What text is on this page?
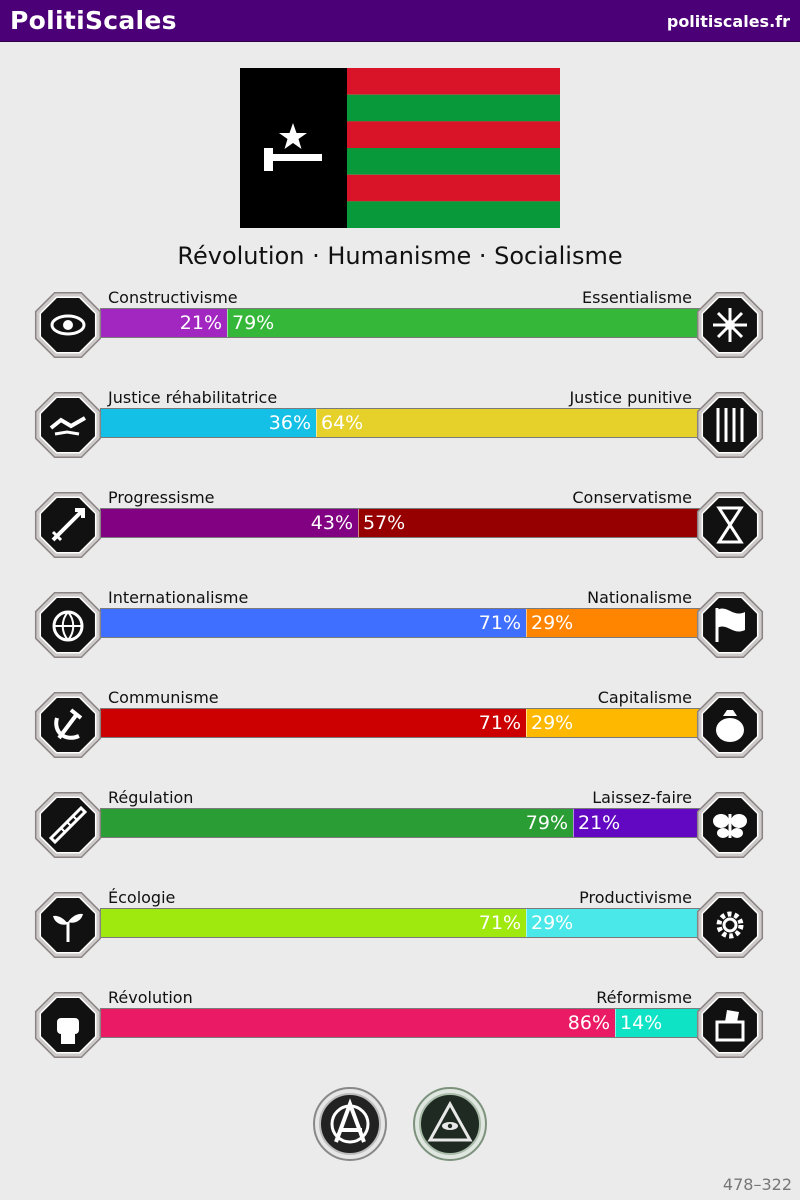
PolitiScales	politiscales.fr
Révolution · Humanisme · Socialisme
Constructivisme	Essentialisme
21% 79%
Justice réhabilitatrice	Justice punitive
36% 64%
Progressisme	Conservatisme
43% 57%
Internationalisme	Nationalisme
71% 29%
Communisme	Capitalisme
71% 29%
Régulation	Laissez-faire
79% 21%
Écologie	Productivisme
71% 29%
Révolution	Réformisme
86% 14%
478–322
